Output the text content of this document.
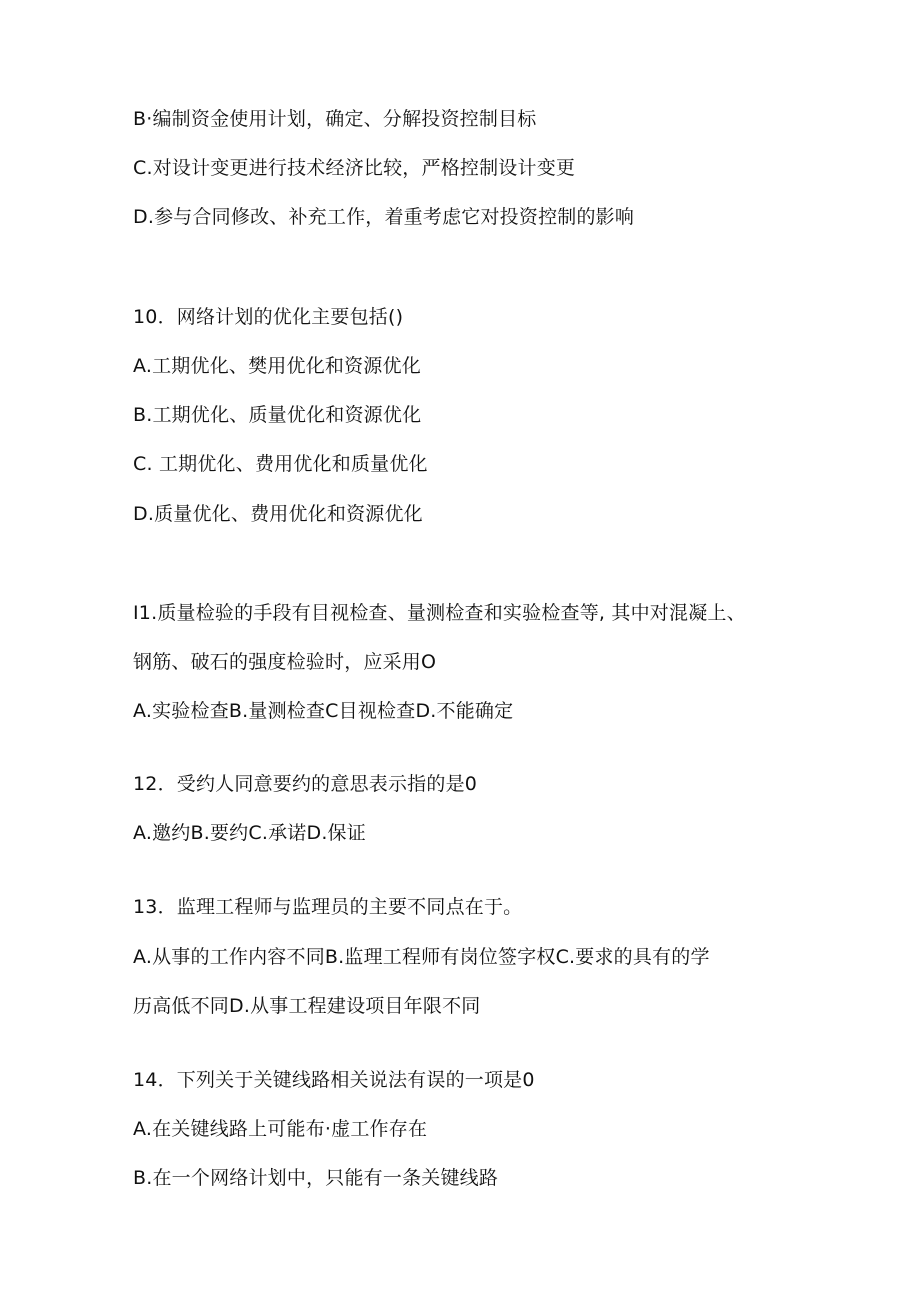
B·编制资金使用计划，确定、分解投资控制目标

C.对设计变更进行技术经济比较，严格控制设计变更

D.参与合同修改、补充工作，着重考虑它对投资控制的影响

10．网络计划的优化主要包括()

A.工期优化、樊用优化和资源优化

B.工期优化、质量优化和资源优化

C. 工期优化、费用优化和质量优化

D.质量优化、费用优化和资源优化

I1.质量检验的手段有目视检查、量测检查和实验检查等, 其中对混凝上、

钢筋、破石的强度检验时，应采用O

A.实验检查B.量测检查C目视检查D.不能确定

12．受约人同意要约的意思表示指的是0

A.邀约B.要约C.承诺D.保证

13．监理工程师与监理员的主要不同点在于。

A.从事的工作内容不同B.监理工程师有岗位签字权C.要求的具有的学

历高低不同D.从事工程建设项目年限不同

14．下列关于关键线路相关说法有误的一项是0

A.在关键线路上可能布·虚工作存在

B.在一个网络计划中，只能有一条关键线路
